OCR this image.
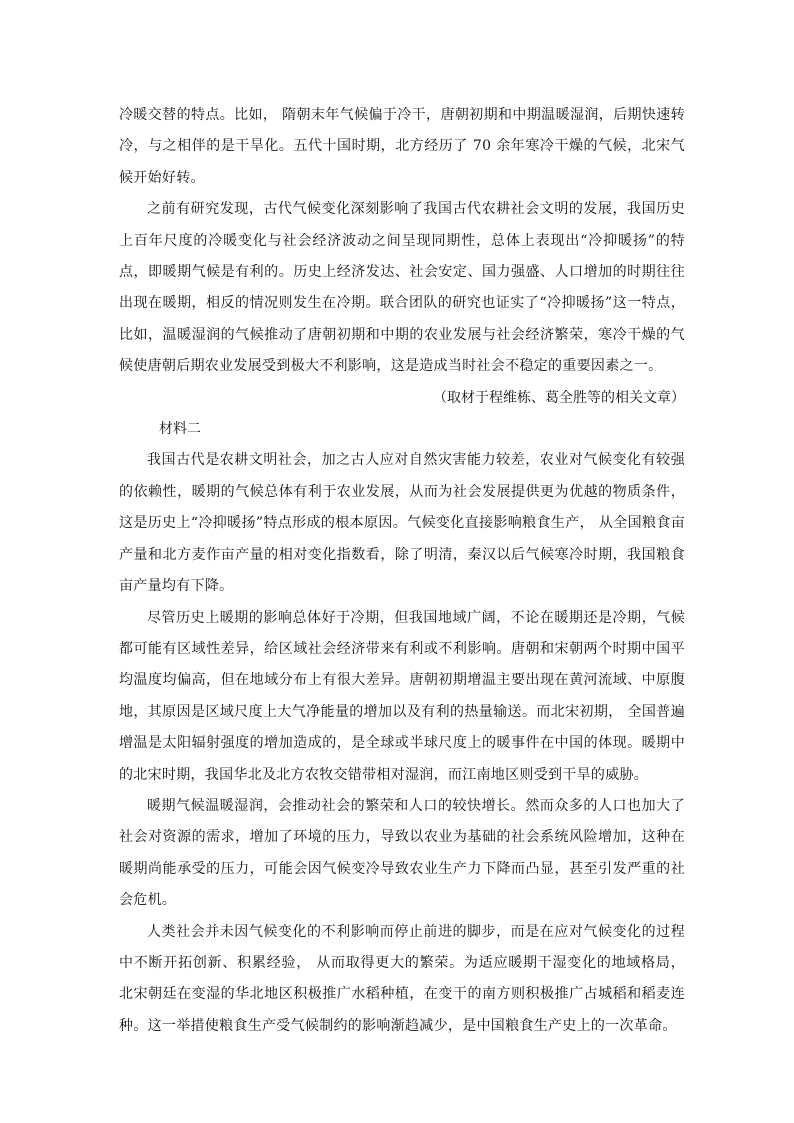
冷暖交替的特点。比如， 隋朝末年气候偏于冷干，唐朝初期和中期温暖湿润，后期快速转冷，与之相伴的是干旱化。五代十国时期，北方经历了 70 余年寒冷干燥的气候，北宋气候开始好转。

之前有研究发现，古代气候变化深刻影响了我国古代农耕社会文明的发展，我国历史上百年尺度的冷暖变化与社会经济波动之间呈现同期性，总体上表现出“冷抑暖扬”的特点，即暖期气候是有利的。历史上经济发达、社会安定、国力强盛、人口增加的时期往往出现在暖期，相反的情况则发生在冷期。联合团队的研究也证实了“冷抑暖扬”这一特点，比如，温暖湿润的气候推动了唐朝初期和中期的农业发展与社会经济繁荣，寒冷干燥的气候使唐朝后期农业发展受到极大不利影响，这是造成当时社会不稳定的重要因素之一。

（取材于程维栋、葛全胜等的相关文章）

材料二

我国古代是农耕文明社会，加之古人应对自然灾害能力较差，农业对气候变化有较强的依赖性，暖期的气候总体有利于农业发展，从而为社会发展提供更为优越的物质条件，这是历史上“冷抑暖扬”特点形成的根本原因。气候变化直接影响粮食生产， 从全国粮食亩产量和北方麦作亩产量的相对变化指数看，除了明清，秦汉以后气候寒冷时期，我国粮食亩产量均有下降。

尽管历史上暖期的影响总体好于冷期，但我国地域广阔，不论在暖期还是冷期，气候都可能有区域性差异，给区域社会经济带来有利或不利影响。唐朝和宋朝两个时期中国平均温度均偏高，但在地域分布上有很大差异。唐朝初期增温主要出现在黄河流域、中原腹地，其原因是区域尺度上大气净能量的增加以及有利的热量输送。而北宋初期， 全国普遍增温是太阳辐射强度的增加造成的，是全球或半球尺度上的暖事件在中国的体现。暖期中的北宋时期，我国华北及北方农牧交错带相对湿润，而江南地区则受到干旱的威胁。

暖期气候温暖湿润，会推动社会的繁荣和人口的较快增长。然而众多的人口也加大了社会对资源的需求，增加了环境的压力，导致以农业为基础的社会系统风险增加，这种在暖期尚能承受的压力，可能会因气候变冷导致农业生产力下降而凸显，甚至引发严重的社会危机。

人类社会并未因气候变化的不利影响而停止前进的脚步，而是在应对气候变化的过程中不断开拓创新、积累经验， 从而取得更大的繁荣。为适应暖期干湿变化的地域格局， 北宋朝廷在变湿的华北地区积极推广水稻种植，在变干的南方则积极推广占城稻和稻麦连种。这一举措使粮食生产受气候制约的影响渐趋减少，是中国粮食生产史上的一次革命。
